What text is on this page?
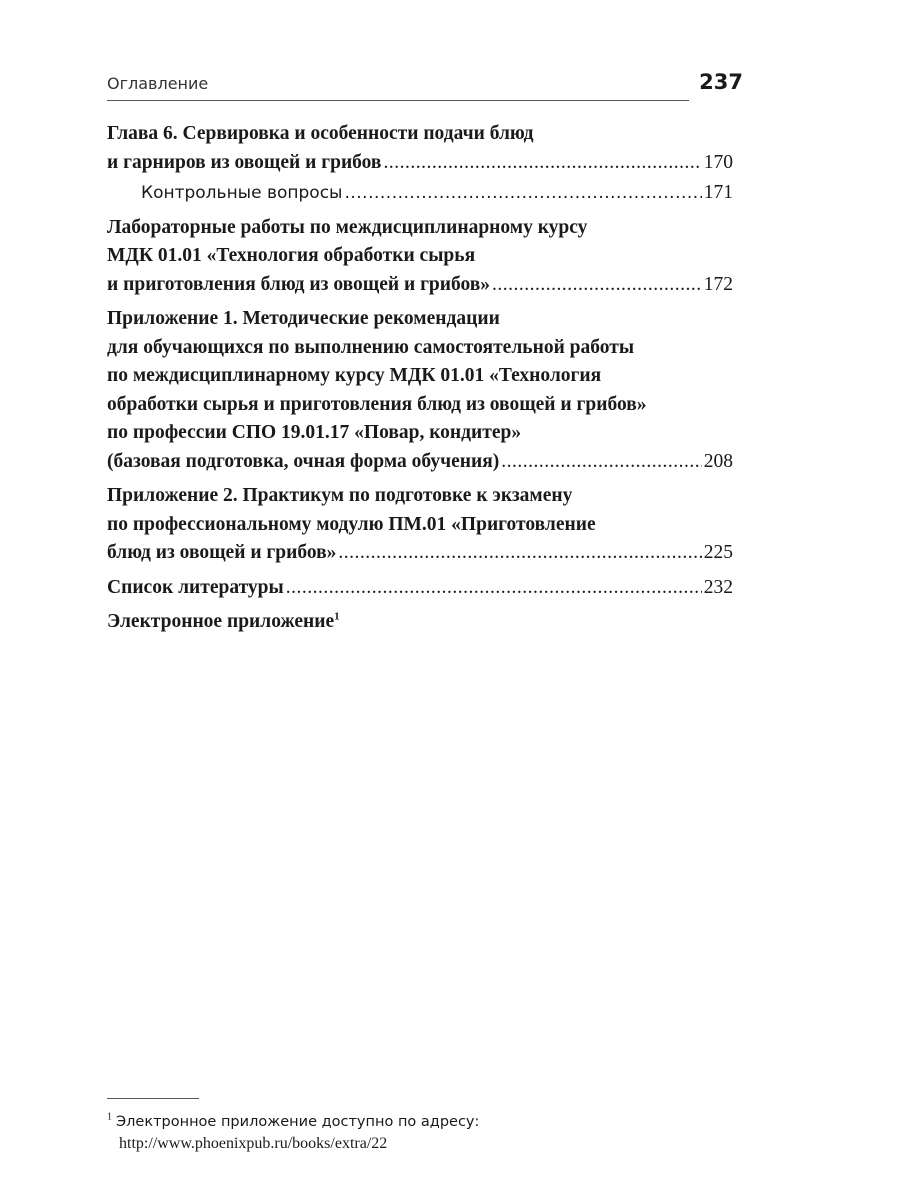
Оглавление	237
Глава 6. Сервировка и особенности подачи блюд
и гарниров из овощей и грибов .....	170
Контрольные вопросы .....	171
Лабораторные работы по междисциплинарному курсу
МДК 01.01 «Технология обработки сырья
и приготовления блюд из овощей и грибов» .....	172
Приложение 1. Методические рекомендации
для обучающихся по выполнению самостоятельной работы
по междисциплинарному курсу МДК 01.01 «Технология
обработки сырья и приготовления блюд из овощей и грибов»
по профессии СПО 19.01.17 «Повар, кондитер»
(базовая подготовка, очная форма обучения) .....	208
Приложение 2. Практикум по подготовке к экзамену
по профессиональному модулю ПМ.01 «Приготовление
блюд из овощей и грибов» .....	225
Список литературы .....	232
Электронное приложение$^1$
$^1$ Электронное приложение доступно по адресу:
http://www.phoenixpub.ru/books/extra/22
